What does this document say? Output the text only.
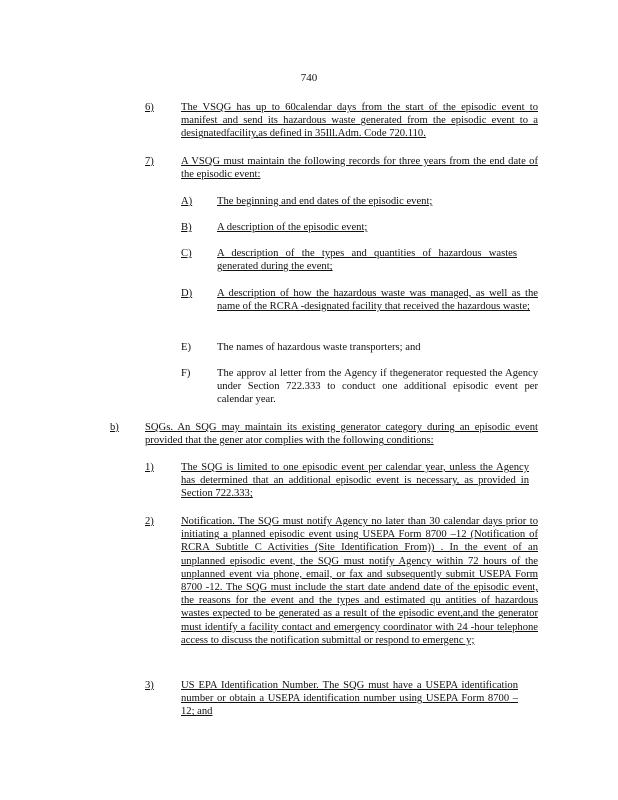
740
6)	The VSQG has up to 60calendar days from the start of the episodic event to manifest and send its hazardous waste generated from the episodic event to a designatedfacility,as defined in 35Ill.Adm. Code 720.110.
7)	A VSQG must maintain the following records for three years from the end date of the episodic event:
A) The beginning and end dates of the episodic event;
B) A description of the episodic event;
C) A description of the types and quantities of hazardous wastes generated during the event;
D) A description of how the hazardous waste was managed, as well as the name of the RCRA -designated facility that received the hazardous waste;
E) The names of hazardous waste transporters; and
F)	The approv al letter from the Agency if thegenerator requested the Agency under Section 722.333 to conduct one additional episodic event per calendar year.
b) SQGs. An SQG may maintain its existing generator category during an episodic event provided that the gener ator complies with the following conditions:
1)	The SQG is limited to one episodic event per calendar year, unless the Agency has determined that an additional episodic event is necessary, as provided in Section 722.333;
2)	Notification. The SQG must notify Agency no later than 30 calendar days prior to initiating a planned episodic event using USEPA Form 8700 –12 (Notification of RCRA Subtitle C Activities (Site Identification From)) . In the event of an unplanned episodic event, the SQG must notify Agency within 72 hours of the unplanned event via phone, email, or fax and subsequently submit USEPA Form 8700 -12. The SQG must include the start date andend date of the episodic event, the reasons for the event and the types and estimated qu antities of hazardous wastes expected to be generated as a result of the episodic event,and the generator must identify a facility contact and emergency coordinator with 24 -hour telephone access to discuss the notification submittal or respond to emergenc y;
3)	US EPA Identification Number. The SQG must have a USEPA identification number or obtain a USEPA identification number using USEPA Form 8700 –12; and
